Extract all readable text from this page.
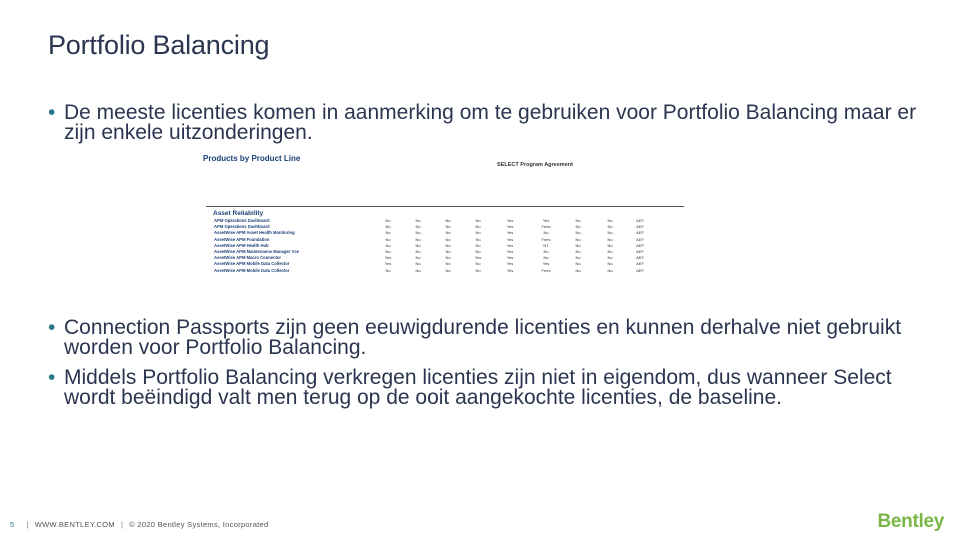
Portfolio Balancing
• De meeste licenties komen in aanmerking om te gebruiken voor Portfolio Balancing maar er zijn enkele uitzonderingen.
Products by Product Line
SELECT Program Agreement
Asset Reliability
APM Operations Dashboard	No	No	No	No	Yes	Yes	No	No	AEF
APM Operations Dashboard	No	No	No	No	Yes	Fees	No	No	AEF
AssetWise APM Asset Health Monitoring	No	No	No	No	Yes	No	No	No	AEF
AssetWise APM Foundation	No	No	No	No	Yes	Fees	No	No	AEF
AssetWise APM Health Hub	No	No	No	No	Yes	NT	No	No	AEF
AssetWise APM Maintenance Manager Vce	No	No	No	No	Yes	No	No	No	AEF
AssetWise APM Macro Connector	Yes	No	No	Yes	Yes	No	No	No	AEF
AssetWise APM Mobile Data Collector	Yes	No	No	No	Yes	Yes	No	No	AEF
AssetWise APM Mobile Data Collector	No	No	No	No	Yes	Fees	No	No	AEF
• Connection Passports zijn geen eeuwigdurende licenties en kunnen derhalve niet gebruikt worden voor Portfolio Balancing.
• Middels Portfolio Balancing verkregen licenties zijn niet in eigendom, dus wanneer Select wordt beëindigd valt men terug op de ooit aangekochte licenties, de baseline.
5 | WWW.BENTLEY.COM | © 2020 Bentley Systems, Incorporated	Bentley
